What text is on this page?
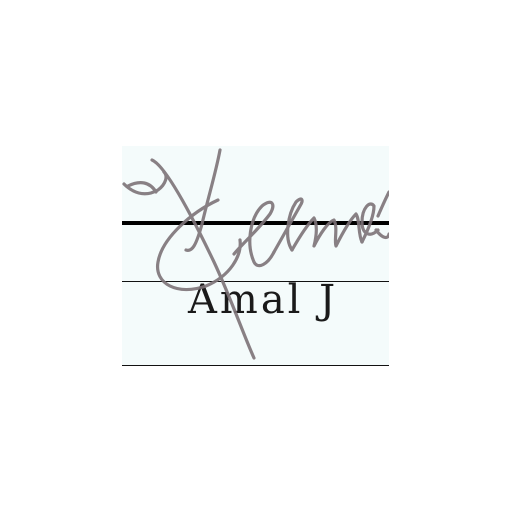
Amal J
